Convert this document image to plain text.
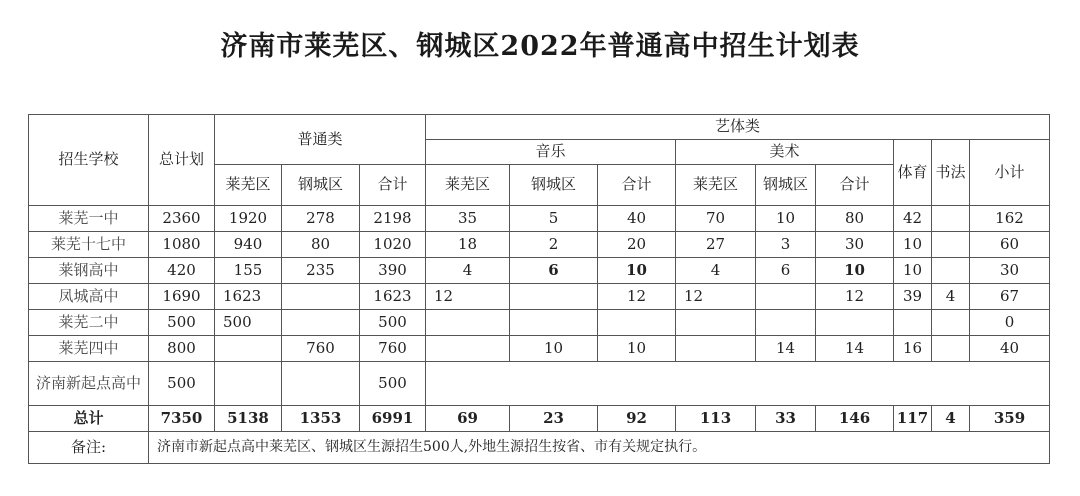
济南市莱芜区、钢城区2022年普通高中招生计划表
招生学校	总计划	普通类			艺体类								
					音乐			美术			体育	书法	小计
		莱芜区	钢城区	合计	莱芜区	钢城区	合计	莱芜区	钢城区	合计			
莱芜一中	2360	1920	278	2198	35	5	40	70	10	80	42		162
莱芜十七中	1080	940	80	1020	18	2	20	27	3	30	10		60
莱钢高中	420	155	235	390	4	6	10	4	6	10	10		30
凤城高中	1690	1623		1623	12		12	12		12	39	4	67
莱芜二中	500	500		500									0
莱芜四中	800		760	760		10	10		14	14	16		40
济南新起点高中	500			500									
总计	7350	5138	1353	6991	69	23	92	113	33	146	117	4	359
备注:	济南市新起点高中莱芜区、钢城区生源招生500人,外地生源招生按省、市有关规定执行。												
